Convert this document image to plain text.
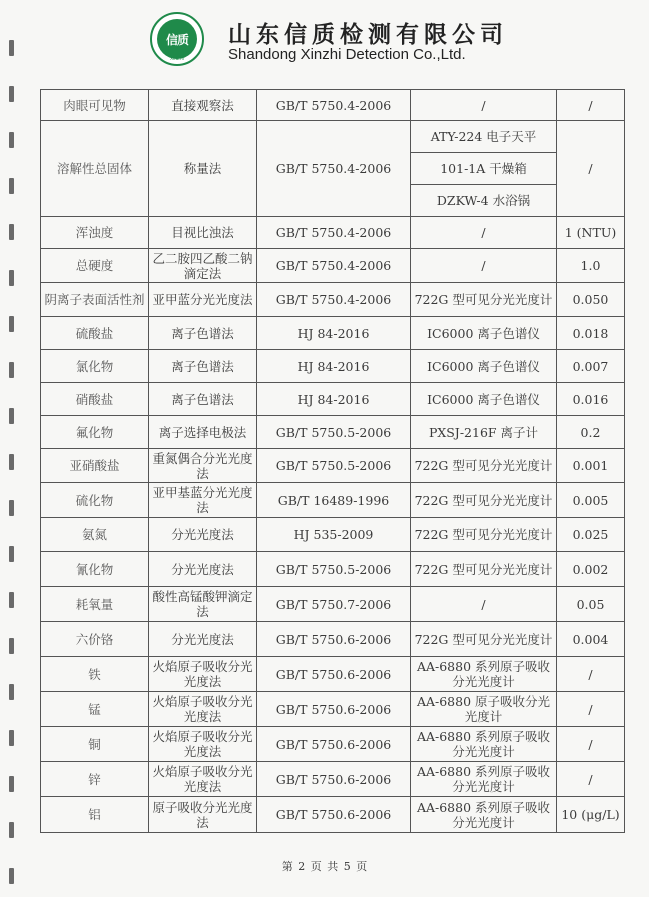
信质
XINZHI
山东信质检测有限公司
Shandong Xinzhi Detection Co.,Ltd.
肉眼可见物	直接观察法	GB/T 5750.4-2006	/	/
溶解性总固体	称量法	GB/T 5750.4-2006	ATY-224 电子天平	/
			101-1A 干燥箱	
			DZKW-4 水浴锅	
浑浊度	目视比浊法	GB/T 5750.4-2006	/	1 (NTU)
总硬度	乙二胺四乙酸二钠滴定法	GB/T 5750.4-2006	/	1.0
阴离子表面活性剂	亚甲蓝分光光度法	GB/T 5750.4-2006	722G 型可见分光光度计	0.050
硫酸盐	离子色谱法	HJ 84-2016	IC6000 离子色谱仪	0.018
氯化物	离子色谱法	HJ 84-2016	IC6000 离子色谱仪	0.007
硝酸盐	离子色谱法	HJ 84-2016	IC6000 离子色谱仪	0.016
氟化物	离子选择电极法	GB/T 5750.5-2006	PXSJ-216F 离子计	0.2
亚硝酸盐	重氮偶合分光光度法	GB/T 5750.5-2006	722G 型可见分光光度计	0.001
硫化物	亚甲基蓝分光光度法	GB/T 16489-1996	722G 型可见分光光度计	0.005
氨氮	分光光度法	HJ 535-2009	722G 型可见分光光度计	0.025
氰化物	分光光度法	GB/T 5750.5-2006	722G 型可见分光光度计	0.002
耗氧量	酸性高锰酸钾滴定法	GB/T 5750.7-2006	/	0.05
六价铬	分光光度法	GB/T 5750.6-2006	722G 型可见分光光度计	0.004
铁	火焰原子吸收分光光度法	GB/T 5750.6-2006	AA-6880 系列原子吸收分光光度计	/
锰	火焰原子吸收分光光度法	GB/T 5750.6-2006	AA-6880 原子吸收分光光度计	/
铜	火焰原子吸收分光光度法	GB/T 5750.6-2006	AA-6880 系列原子吸收分光光度计	/
锌	火焰原子吸收分光光度法	GB/T 5750.6-2006	AA-6880 系列原子吸收分光光度计	/
铝	原子吸收分光光度法	GB/T 5750.6-2006	AA-6880 系列原子吸收分光光度计	10 (μg/L)
第 2 页 共 5 页
